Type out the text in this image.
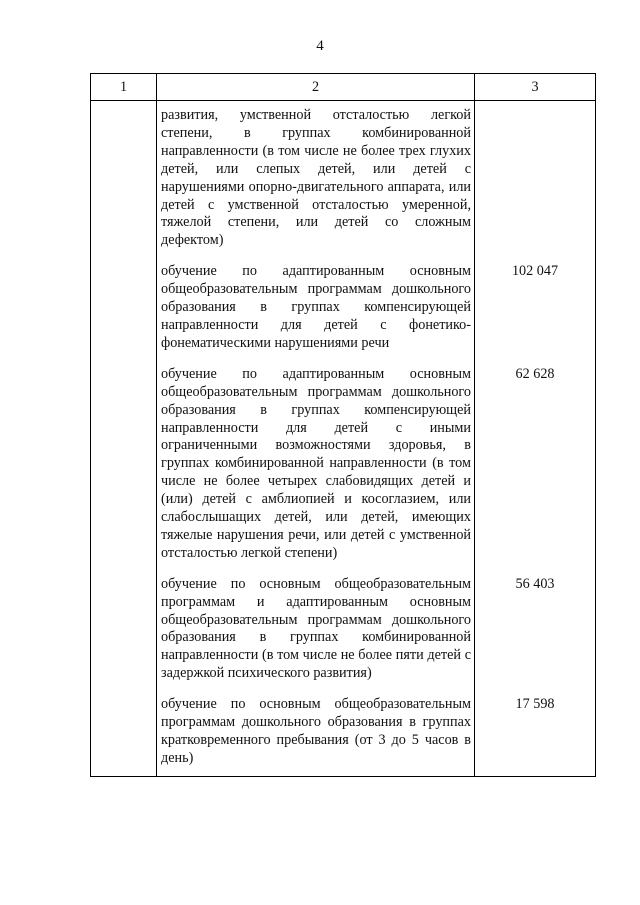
4
1	2	3
	развития, умственной отсталостью легкой степени, в группах комбинированной направленности (в том числе не более трех глухих детей, или слепых детей, или детей с нарушениями опорно-двигательного аппарата, или детей с умственной отсталостью умеренной, тяжелой степени, или детей со сложным дефектом)	
	обучение по адаптированным основным общеобразовательным программам дошкольного образования в группах компенсирующей направленности для детей с фонетико-фонематическими нарушениями речи	102 047
	обучение по адаптированным основным общеобразовательным программам дошкольного образования в группах компенсирующей направленности для детей с иными ограниченными возможностями здоровья, в группах комбинированной направленности (в том числе не более четырех слабовидящих детей и (или) детей с амблиопией и косоглазием, или слабослышащих детей, или детей, имеющих тяжелые нарушения речи, или детей с умственной отсталостью легкой степени)	62 628
	обучение по основным общеобразовательным программам и адаптированным основным общеобразовательным программам дошкольного образования в группах комбинированной направленности (в том числе не более пяти детей с задержкой психического развития)	56 403
	обучение по основным общеобразовательным программам дошкольного образования в группах кратковременного пребывания (от 3 до 5 часов в день)	17 598
